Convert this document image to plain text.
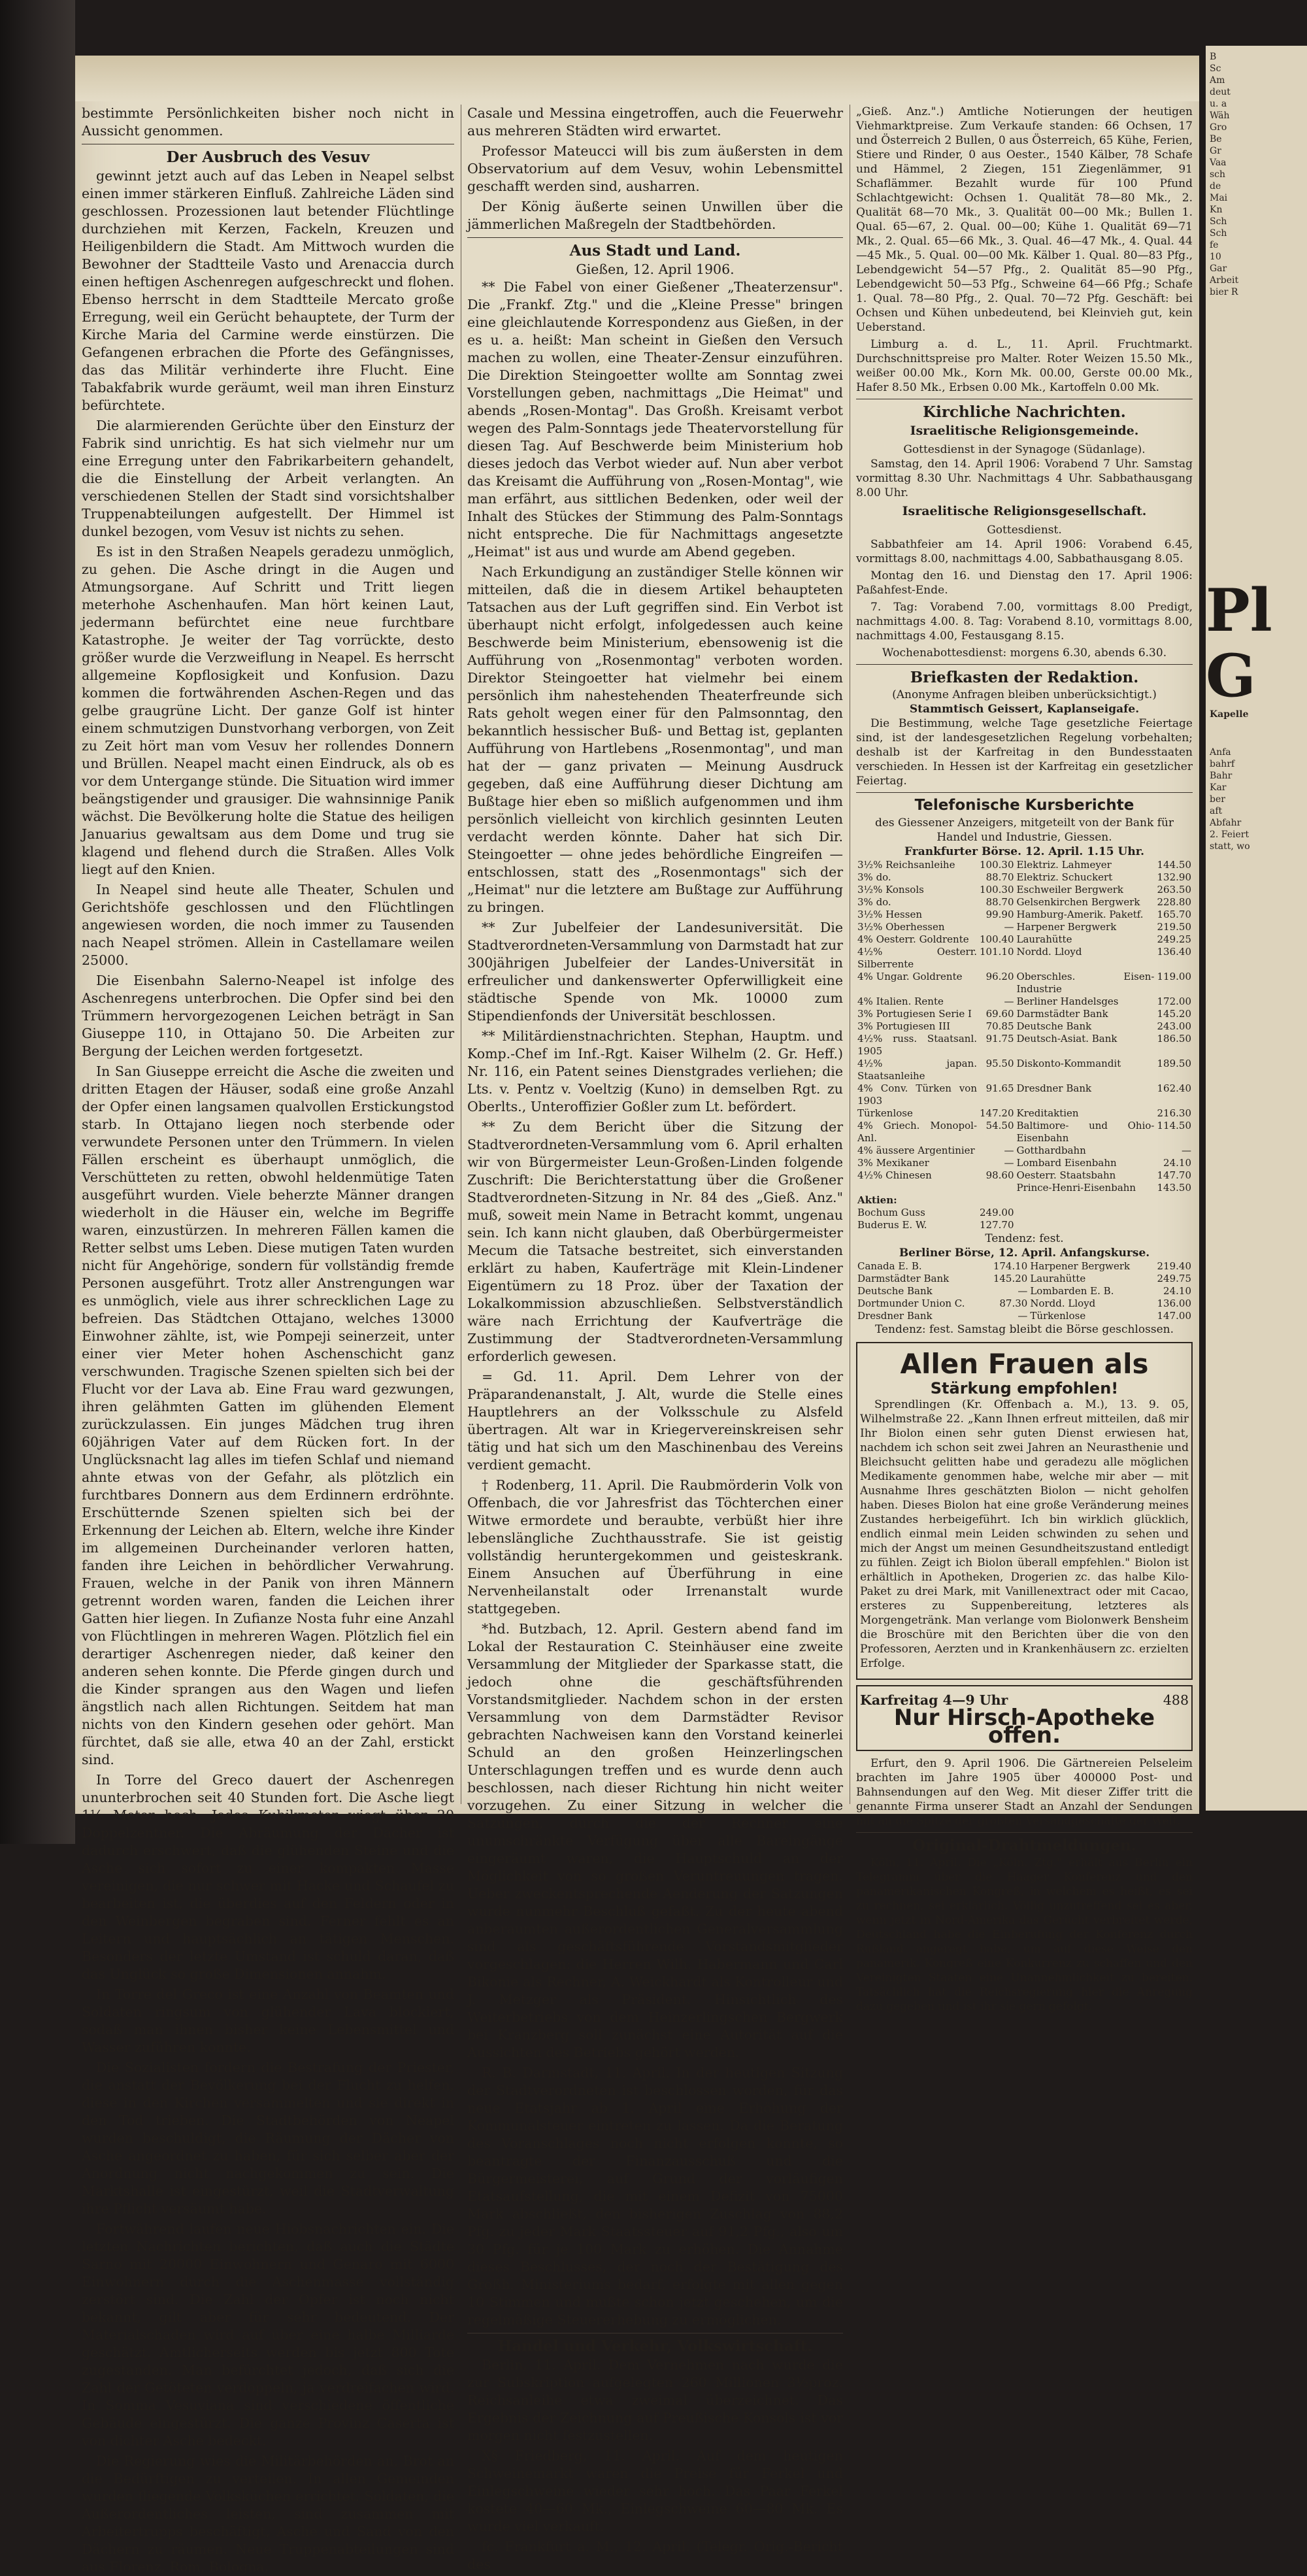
bestimmte Persönlichkeiten bisher noch nicht in Aussicht genommen.

Der Ausbruch des Vesuv

gewinnt jetzt auch auf das Leben in Neapel selbst einen immer stärkeren Einfluß. Zahlreiche Läden sind geschlossen. Prozessionen laut betender Flüchtlinge durchziehen mit Kerzen, Fackeln, Kreuzen und Heiligenbildern die Stadt. Am Mittwoch wurden die Bewohner der Stadtteile Vasto und Arenaccia durch einen heftigen Aschenregen aufgeschreckt und flohen. Ebenso herrscht in dem Stadtteile Mercato große Erregung, weil ein Gerücht behauptete, der Turm der Kirche Maria del Carmine werde einstürzen. Die Gefangenen erbrachen die Pforte des Gefängnisses, das das Militär verhinderte ihre Flucht. Eine Tabakfabrik wurde geräumt, weil man ihren Einsturz befürchtete.

Die alarmierenden Gerüchte über den Einsturz der Fabrik sind unrichtig. Es hat sich vielmehr nur um eine Erregung unter den Fabrikarbeitern gehandelt, die die Einstellung der Arbeit verlangten. An verschiedenen Stellen der Stadt sind vorsichtshalber Truppenabteilungen aufgestellt. Der Himmel ist dunkel bezogen, vom Vesuv ist nichts zu sehen.

Es ist in den Straßen Neapels geradezu unmöglich, zu gehen. Die Asche dringt in die Augen und Atmungsorgane. Auf Schritt und Tritt liegen meterhohe Aschenhaufen. Man hört keinen Laut, jedermann befürchtet eine neue furchtbare Katastrophe. Je weiter der Tag vorrückte, desto größer wurde die Verzweiflung in Neapel. Es herrscht allgemeine Kopflosigkeit und Konfusion. Dazu kommen die fortwährenden Aschen-Regen und das gelbe graugrüne Licht. Der ganze Golf ist hinter einem schmutzigen Dunstvorhang verborgen, von Zeit zu Zeit hört man vom Vesuv her rollendes Donnern und Brüllen. Neapel macht einen Eindruck, als ob es vor dem Untergange stünde. Die Situation wird immer beängstigender und grausiger. Die wahnsinnige Panik wächst. Die Bevölkerung holte die Statue des heiligen Januarius gewaltsam aus dem Dome und trug sie klagend und flehend durch die Straßen. Alles Volk liegt auf den Knien.

In Neapel sind heute alle Theater, Schulen und Gerichtshöfe geschlossen und den Flüchtlingen angewiesen worden, die noch immer zu Tausenden nach Neapel strömen. Allein in Castellamare weilen 25000.

Die Eisenbahn Salerno-Neapel ist infolge des Aschenregens unterbrochen. Die Opfer sind bei den Trümmern hervorgezogenen Leichen beträgt in San Giuseppe 110, in Ottajano 50. Die Arbeiten zur Bergung der Leichen werden fortgesetzt.

In San Giuseppe erreicht die Asche die zweiten und dritten Etagen der Häuser, sodaß eine große Anzahl der Opfer einen langsamen qualvollen Erstickungstod starb. In Ottajano liegen noch sterbende oder verwundete Personen unter den Trümmern. In vielen Fällen erscheint es überhaupt unmöglich, die Verschütteten zu retten, obwohl heldenmütige Taten ausgeführt wurden. Viele beherzte Männer drangen wiederholt in die Häuser ein, welche im Begriffe waren, einzustürzen. In mehreren Fällen kamen die Retter selbst ums Leben. Diese mutigen Taten wurden nicht für Angehörige, sondern für vollständig fremde Personen ausgeführt. Trotz aller Anstrengungen war es unmöglich, viele aus ihrer schrecklichen Lage zu befreien. Das Städtchen Ottajano, welches 13000 Einwohner zählte, ist, wie Pompeji seinerzeit, unter einer vier Meter hohen Aschenschicht ganz verschwunden. Tragische Szenen spielten sich bei der Flucht vor der Lava ab. Eine Frau ward gezwungen, ihren gelähmten Gatten im glühenden Element zurückzulassen. Ein junges Mädchen trug ihren 60jährigen Vater auf dem Rücken fort. In der Unglücksnacht lag alles im tiefen Schlaf und niemand ahnte etwas von der Gefahr, als plötzlich ein furchtbares Donnern aus dem Erdinnern erdröhnte. Erschütternde Szenen spielten sich bei der Erkennung der Leichen ab. Eltern, welche ihre Kinder im allgemeinen Durcheinander verloren hatten, fanden ihre Leichen in behördlicher Verwahrung. Frauen, welche in der Panik von ihren Männern getrennt worden waren, fanden die Leichen ihrer Gatten hier liegen. In Zufianze Nosta fuhr eine Anzahl von Flüchtlingen in mehreren Wagen. Plötzlich fiel ein derartiger Aschenregen nieder, daß keiner den anderen sehen konnte. Die Pferde gingen durch und die Kinder sprangen aus den Wagen und liefen ängstlich nach allen Richtungen. Seitdem hat man nichts von den Kindern gesehen oder gehört. Man fürchtet, daß sie alle, etwa 40 an der Zahl, erstickt sind.

In Torre del Greco dauert der Aschenregen ununterbrochen seit 40 Stunden fort. Die Asche liegt 1½ Meter hoch. Jedes Kubikmeter wiegt über 20 Doppelzentner. Die Abräumung der Dächer ist dadurch erschwert, daß die glühenden Steine und die Asche sich sofort zu einer kompakten Masse vereinigen, die nur schwer mit Hacke und Schaufel zu bearbeiten ist, die überdies auf den Feldern oder in den Weinbergen begraben sind. Ferner fehlt es an Leitern und hauptsächlich an tätigen Menschen. Besonders der letzte Umstand ist schuld daran, daß das Unglück so große Dimensionen annahm.

In Torre del Greco ist eine Anzahl von Beamten und Soldaten ringsum von glühender Lava blockiert, sodaß man ihnen bisher keine Lebensmittel und Wasser zuführen konnte.

Die Sozialisten fordern die Bestrafung der Priester, die anstatt der Bevölkerung bei der Flucht zu helfen, diese in den Kirchen versammelten und sie direkt in den Tod trieben. Die Stadtbehörden von Neapel wurden beschuldigt, die Räumung der Dächer von Asche angeordnet zu haben, für sich selber aber der Anordnung nicht nachgekommen zu sein. Die Marktshalle ist eingestürzt, weil die Stadtverwaltung ihre Pflicht versäumt habe.

Fortwährend laufen neue Hiobsnachrichten ein. Die letzten Nachrichten berichten, daß auch die Städte Sarno mit 20000 Einwohnern und Genaro mit 6000 Einwohnern durch die Aschenmasse vollständig zerstört sind. Die Zahl der Opfer ist noch nicht bekannt, gilt aber für sehr bedeutend. Der Materialschaden wird auf über eine halbe Milliarde geschätzt. Amtlicherseits werden bis jetzt 800 Tote zugestanden. Man befürchtet jedoch, daß sich die Zahl der Getöteten verdoppeln, ja verdreifachen wird. In Somma Vesuviana sind verschiedene öffentliche Gebäude eingestürzt. Die ganze Provinz Caserta ist von dichter Asche bedeckt.

Die Regierung wies die Militärbehörden an, Brot an die Bedürftigen zu verteilen. In allen Gemeinden wurden fliegende Volksküchen errichtet. Soldaten, die Außerordentliches leisten, sind zusammen mit Arbeitertrupps beschäftigt, Asche und Sand von den Dächern zu räumen. Neue Truppenabteilungen sind aus Florenz, Rom, Bologna,

Casale und Messina eingetroffen, auch die Feuerwehr aus mehreren Städten wird erwartet.

Professor Mateucci will bis zum äußersten in dem Observatorium auf dem Vesuv, wohin Lebensmittel geschafft werden sind, ausharren.

Der König äußerte seinen Unwillen über die jämmerlichen Maßregeln der Stadtbehörden.

Aus Stadt und Land.
Gießen, 12. April 1906.

** Die Fabel von einer Gießener „Theaterzensur". Die „Frankf. Ztg." und die „Kleine Presse" bringen eine gleichlautende Korrespondenz aus Gießen, in der es u. a. heißt: Man scheint in Gießen den Versuch machen zu wollen, eine Theater-Zensur einzuführen. Die Direktion Steingoetter wollte am Sonntag zwei Vorstellungen geben, nachmittags „Die Heimat" und abends „Rosen-Montag". Das Großh. Kreisamt verbot wegen des Palm-Sonntags jede Theatervorstellung für diesen Tag. Auf Beschwerde beim Ministerium hob dieses jedoch das Verbot wieder auf. Nun aber verbot das Kreisamt die Aufführung von „Rosen-Montag", wie man erfährt, aus sittlichen Bedenken, oder weil der Inhalt des Stückes der Stimmung des Palm-Sonntags nicht entspreche. Die für Nachmittags angesetzte „Heimat" ist aus und wurde am Abend gegeben.

Nach Erkundigung an zuständiger Stelle können wir mitteilen, daß die in diesem Artikel behaupteten Tatsachen aus der Luft gegriffen sind. Ein Verbot ist überhaupt nicht erfolgt, infolgedessen auch keine Beschwerde beim Ministerium, ebensowenig ist die Aufführung von „Rosenmontag" verboten worden. Direktor Steingoetter hat vielmehr bei einem persönlich ihm nahestehenden Theaterfreunde sich Rats geholt wegen einer für den Palmsonntag, den bekanntlich hessischer Buß- und Bettag ist, geplanten Aufführung von Hartlebens „Rosenmontag", und man hat der — ganz privaten — Meinung Ausdruck gegeben, daß eine Aufführung dieser Dichtung am Bußtage hier eben so mißlich aufgenommen und ihm persönlich vielleicht von kirchlich gesinnten Leuten verdacht werden könnte. Daher hat sich Dir. Steingoetter — ohne jedes behördliche Eingreifen — entschlossen, statt des „Rosenmontags" sich der „Heimat" nur die letztere am Bußtage zur Aufführung zu bringen.

** Zur Jubelfeier der Landesuniversität. Die Stadtverordneten-Versammlung von Darmstadt hat zur 300jährigen Jubelfeier der Landes-Universität in erfreulicher und dankenswerter Opferwilligkeit eine städtische Spende von Mk. 10000 zum Stipendienfonds der Universität beschlossen.

** Militärdienstnachrichten. Stephan, Hauptm. und Komp.-Chef im Inf.-Rgt. Kaiser Wilhelm (2. Gr. Heff.) Nr. 116, ein Patent seines Dienstgrades verliehen; die Lts. v. Pentz v. Voeltzig (Kuno) in demselben Rgt. zu Oberlts., Unteroffizier Goßler zum Lt. befördert.

** Zu dem Bericht über die Sitzung der Stadtverordneten-Versammlung vom 6. April erhalten wir von Bürgermeister Leun-Großen-Linden folgende Zuschrift: Die Berichterstattung über die Großener Stadtverordneten-Sitzung in Nr. 84 des „Gieß. Anz." muß, soweit mein Name in Betracht kommt, ungenau sein. Ich kann nicht glauben, daß Oberbürgermeister Mecum die Tatsache bestreitet, sich einverstanden erklärt zu haben, Kauferträge mit Klein-Lindener Eigentümern zu 18 Proz. über der Taxation der Lokalkommission abzuschließen. Selbstverständlich wäre nach Errichtung der Kaufverträge die Zustimmung der Stadtverordneten-Versammlung erforderlich gewesen.

= Gd. 11. April. Dem Lehrer von der Präparandenanstalt, J. Alt, wurde die Stelle eines Hauptlehrers an der Volksschule zu Alsfeld übertragen. Alt war in Kriegervereinskreisen sehr tätig und hat sich um den Maschinenbau des Vereins verdient gemacht.

† Rodenberg, 11. April. Die Raubmörderin Volk von Offenbach, die vor Jahresfrist das Töchterchen einer Witwe ermordete und beraubte, verbüßt hier ihre lebenslängliche Zuchthausstrafe. Sie ist geistig vollständig heruntergekommen und geisteskrank. Einem Ansuchen auf Überführung in eine Nervenheilanstalt oder Irrenanstalt wurde stattgegeben.

*hd. Butzbach, 12. April. Gestern abend fand im Lokal der Restauration C. Steinhäuser eine zweite Versammlung der Mitglieder der Sparkasse statt, die jedoch ohne die geschäftsführenden Vorstandsmitglieder. Nachdem schon in der ersten Versammlung von dem Darmstädter Revisor gebrachten Nachweisen kann den Vorstand keinerlei Schuld an den großen Heinzerlingschen Unterschlagungen treffen und es wurde denn auch beschlossen, nach dieser Richtung hin nicht weiter vorzugehen. Zu einer Sitzung in welcher die Satzungen, durch die der Rechner eine unumschränkte Verfügung über alle Bareingänge eingeräumt waren, die Hauptschuld an der Möglichkeit von so großen Veruntreuungen tragen. Ueber zweckentsprechende Aenderung der Satzungen wurde nunmehr Beschluß gefaßt. Zu der heute abend anberaumten außerordentlichen Generalversammlung sind als geschäftsführende Vorstandsmitglieder vorgeschlagen: die Herren Wilh. Habermann und Carl Bikonie als Rechner, A. Weickhardt als Kontrolleur und J. Metzger als Präsident. Hinsichtlich des Weiterbetriebs von dem Heinzerlingschen Bergwerk bei Kranzberg soll zunächst eine Autorität auf die Aussichten des Betriebs gehört werden.

R. B. Darmstadt, 11. April. In der heutigen Sitzung der Stadtverordneten ist beschlossen worden, für das neue Etatsjahr ab 1. April eine Erhöhung der Kommunalsteuer eintreten zu lassen. Da die Beratung des Voranschlages noch nicht erfolgen konnte, so beantragte der Finanzausschuß und die Bürgermeisterei, auf Grund der vorläufigen Etatsaufstellung, die mit einem Defizit von 75000 Mark abschließt, den bisherigen Zuschlag von 88,2 Pfg. zu jeder Mark Staatssteuer auf 91,2 Pfg., also um 30 Pfg. für je 100 Mark zu erhöhen. Die Annahme dieses Beschlusses, der noch der Bestätigung des Großh. Ministeriums bedarf, erfolgte mit allen gegen 10 Stimmen und mußte schon jetzt geschehen, um die regelmäßige Steuererhebung zu ermöglichen.

Handel und Verkehr, Volkswirtschaft.

Berlin, 11. April. Dem Vernehmen nach wurde die zur Subskription aufgelegten 260 Millionen 3½proz. Reichsanleihe etwa zweimal überzeichnet. Das Ergebnis der Zeichnung auf Preußische Konsols ist vor morgen nicht festzustellen.

X§ Friedberg, 11. April. Auf dem heutigen Schweinemarkt waren die Preise für Ferkel und Einlegschweine wieder sehr hoch. Das Paar Ferkel kostete 40—60 Mk., Einlegschweine 60—80 Mk. Es wurde viel verkauft.

fc. Frankfurt a. M., 12. April. (Telegr. Orig.-Bericht des

„Gieß. Anz.".) Amtliche Notierungen der heutigen Viehmarktpreise. Zum Verkaufe standen: 66 Ochsen, 17 und Österreich 2 Bullen, 0 aus Österreich, 65 Kühe, Ferien, Stiere und Rinder, 0 aus Oester., 1540 Kälber, 78 Schafe und Hämmel, 2 Ziegen, 151 Ziegenlämmer, 91 Schaflämmer. Bezahlt wurde für 100 Pfund Schlachtgewicht: Ochsen 1. Qualität 78—80 Mk., 2. Qualität 68—70 Mk., 3. Qualität 00—00 Mk.; Bullen 1. Qual. 65—67, 2. Qual. 00—00; Kühe 1. Qualität 69—71 Mk., 2. Qual. 65—66 Mk., 3. Qual. 46—47 Mk., 4. Qual. 44—45 Mk., 5. Qual. 00—00 Mk. Kälber 1. Qual. 80—83 Pfg., Lebendgewicht 54—57 Pfg., 2. Qualität 85—90 Pfg., Lebendgewicht 50—53 Pfg., Schweine 64—66 Pfg.; Schafe 1. Qual. 78—80 Pfg., 2. Qual. 70—72 Pfg. Geschäft: bei Ochsen und Kühen unbedeutend, bei Kleinvieh gut, kein Ueberstand.

Limburg a. d. L., 11. April. Fruchtmarkt. Durchschnittspreise pro Malter. Roter Weizen 15.50 Mk., weißer 00.00 Mk., Korn Mk. 00.00, Gerste 00.00 Mk., Hafer 8.50 Mk., Erbsen 0.00 Mk., Kartoffeln 0.00 Mk.

Kirchliche Nachrichten.
Israelitische Religionsgemeinde.
Gottesdienst in der Synagoge (Südanlage).

Samstag, den 14. April 1906: Vorabend 7 Uhr. Samstag vormittag 8.30 Uhr. Nachmittags 4 Uhr. Sabbathausgang 8.00 Uhr.

Israelitische Religionsgesellschaft.
Gottesdienst.

Sabbathfeier am 14. April 1906: Vorabend 6.45, vormittags 8.00, nachmittags 4.00, Sabbathausgang 8.05.

Montag den 16. und Dienstag den 17. April 1906: Paßahfest-Ende.

7. Tag: Vorabend 7.00, vormittags 8.00 Predigt, nachmittags 4.00. 8. Tag: Vorabend 8.10, vormittags 8.00, nachmittags 4.00, Festausgang 8.15.

Wochenabottesdienst: morgens 6.30, abends 6.30.
Briefkasten der Redaktion.
(Anonyme Anfragen bleiben unberücksichtigt.)
Stammtisch Geissert, Kaplanseigafe.

Die Bestimmung, welche Tage gesetzliche Feiertage sind, ist der landesgesetzlichen Regelung vorbehalten; deshalb ist der Karfreitag in den Bundesstaaten verschieden. In Hessen ist der Karfreitag ein gesetzlicher Feiertag.

Telefonische Kursberichte
des Giessener Anzeigers, mitgeteilt von der Bank für Handel und Industrie, Giessen.
Frankfurter Börse. 12. April. 1.15 Uhr.
3½% Reichsanleihe	100.30	Elektriz. Lahmeyer	144.50
3% do.	88.70	Elektriz. Schuckert	132.90
3½% Konsols	100.30	Eschweiler Bergwerk	263.50
3% do.	88.70	Gelsenkirchen Bergwerk	228.80
3½% Hessen	99.90	Hamburg-Amerik. Paketf.	165.70
3½% Oberhessen	—	Harpener Bergwerk	219.50
4% Oesterr. Goldrente	100.40	Laurahütte	249.25
4½% Oesterr. Silberrente	101.10	Nordd. Lloyd	136.40
4% Ungar. Goldrente	96.20	Oberschles. Eisen-Industrie	119.00
4% Italien. Rente	—	Berliner Handelsges	172.00
3% Portugiesen Serie I	69.60	Darmstädter Bank	145.20
3% Portugiesen III	70.85	Deutsche Bank	243.00
4½% russ. Staatsanl. 1905	91.75	Deutsch-Asiat. Bank	186.50
4½% japan. Staatsanleihe	95.50	Diskonto-Kommandit	189.50
4% Conv. Türken von 1903	91.65	Dresdner Bank	162.40
Türkenlose	147.20	Kreditaktien	216.30
4% Griech. Monopol-Anl.	54.50	Baltimore- und Ohio-Eisenbahn	114.50
4% äussere Argentinier	—	Gotthardbahn	—
3% Mexikaner	—	Lombard Eisenbahn	24.10
4½% Chinesen	98.60	Oesterr. Staatsbahn	147.70
		Prince-Henri-Eisenbahn	143.50
Aktien:			
Bochum Guss	249.00		
Buderus E. W.	127.70		
Tendenz: fest.
Berliner Börse, 12. April. Anfangskurse.
Canada E. B.	174.10	Harpener Bergwerk	219.40
Darmstädter Bank	145.20	Laurahütte	249.75
Deutsche Bank	—	Lombarden E. B.	24.10
Dortmunder Union C.	87.30	Nordd. Lloyd	136.00
Dresdner Bank	—	Türkenlose	147.00
Tendenz: fest. Samstag bleibt die Börse geschlossen.
Allen Frauen als
Stärkung empfohlen!

Sprendlingen (Kr. Offenbach a. M.), 13. 9. 05, Wilhelmstraße 22. „Kann Ihnen erfreut mitteilen, daß mir Ihr Biolon einen sehr guten Dienst erwiesen hat, nachdem ich schon seit zwei Jahren an Neurasthenie und Bleichsucht gelitten habe und geradezu alle möglichen Medikamente genommen habe, welche mir aber — mit Ausnahme Ihres geschätzten Biolon — nicht geholfen haben. Dieses Biolon hat eine große Veränderung meines Zustandes herbeigeführt. Ich bin wirklich glücklich, endlich einmal mein Leiden schwinden zu sehen und mich der Angst um meinen Gesundheitszustand entledigt zu fühlen. Zeigt ich Biolon überall empfehlen." Biolon ist erhältlich in Apotheken, Drogerien zc. das halbe Kilo-Paket zu drei Mark, mit Vanillenextract oder mit Cacao, ersteres zu Suppenbereitung, letzteres als Morgengetränk. Man verlange vom Biolonwerk Bensheim die Broschüre mit den Berichten über die von den Professoren, Aerzten und in Krankenhäusern zc. erzielten Erfolge.

Karfreitag 4—9 Uhr	488
Nur Hirsch-Apotheke offen.

Erfurt, den 9. April 1906. Die Gärtnereien Pelseleim brachten im Jahre 1905 über 400000 Post- und Bahnsendungen auf den Weg. Mit dieser Ziffer tritt die genannte Firma unserer Stadt an Anzahl der Sendungen mit an die Spitze der größten Versandgeschäfte der Welt.

Original-Drahtmeldungen.

Köln, 11. April. Die „Köln. Ztg." erhält aus Berlin ein Telegramm über die Haager Konferenz und den panamerikanischen Kongreß, in welchem es heißt, es sei zu rechnen, sei erklärlich. Völlig unzutreffend sei es aber, wenn jetzt in Nord-Amerika das Gerücht verbreitet werde, Deutschland habe die Einberufung der Konferenz durch Rußland angeregt habe, um auf diese Weise den panamerik. Kongreß eine Konkurrenz zu schaffen und den Vereinigten Staaten eine Unannehmlichkeit zu bereiten. Tatsächlich hat die Reichsregierung hier die Anregung dazu gegeben und ist ihr sie gern gefolgt.

B
Sc
Am
deut
u. a
Wäh
Gro
Be
Gr
Vaa
sch
de
Mai
Kn
Sch
Sch
fe
10
Gar
Arbeit
bier R
Pl
G
Kapelle
Anfa
bahrf
Bahr
Kar
ber
aft
Abfahr
2. Feiert
statt, wo
